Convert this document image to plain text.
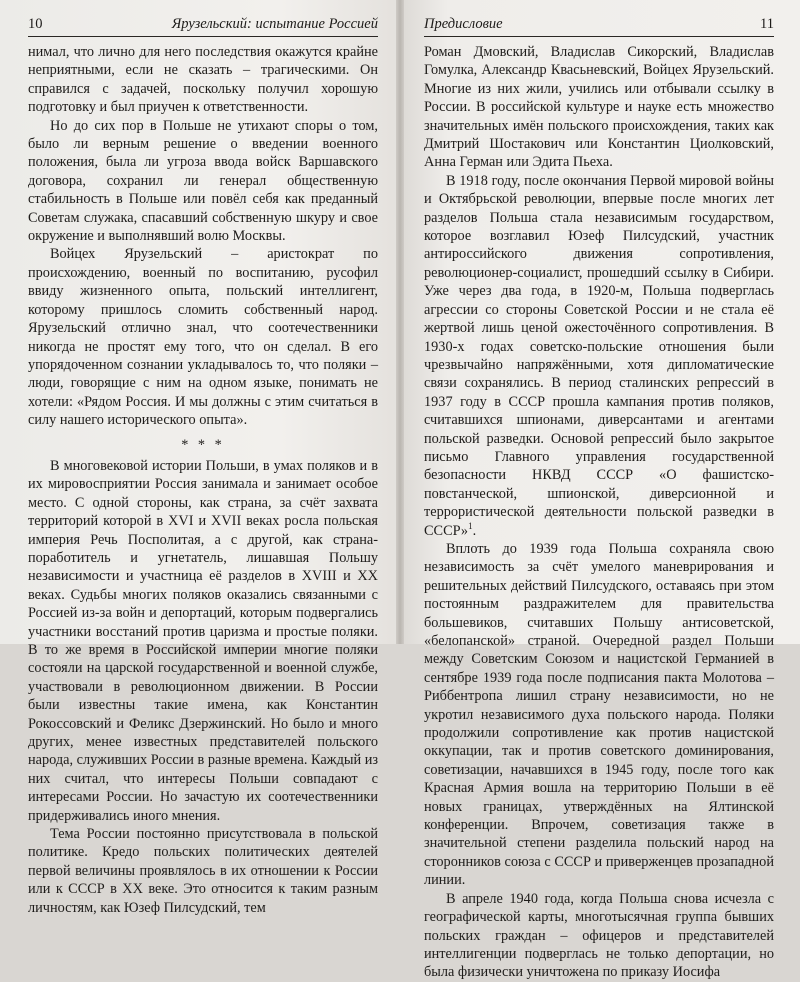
10	Ярузельский: испытание Россией

нимал, что лично для него последствия окажутся крайне неприятными, если не сказать – трагическими. Он справился с задачей, поскольку получил хорошую подготовку и был приучен к ответственности.

Но до сих пор в Польше не утихают споры о том, было ли верным решение о введении военного положения, была ли угроза ввода войск Варшавского договора, сохранил ли генерал общественную стабильность в Польше или повёл себя как преданный Советам служака, спасавший собственную шкуру и свое окружение и выполнявший волю Москвы.

Войцех Ярузельский – аристократ по происхождению, военный по воспитанию, русофил ввиду жизненного опыта, польский интеллигент, которому пришлось сломить собственный народ. Ярузельский отлично знал, что соотечественники никогда не простят ему того, что он сделал. В его упорядоченном сознании укладывалось то, что поляки – люди, говорящие с ним на одном языке, понимать не хотели: «Рядом Россия. И мы должны с этим считаться в силу нашего исторического опыта».

* * *

В многовековой истории Польши, в умах поляков и в их мировосприятии Россия занимала и занимает особое место. С одной стороны, как страна, за счёт захвата территорий которой в XVI и XVII веках росла польская империя Речь Посполитая, а с другой, как страна-поработитель и угнетатель, лишавшая Польшу независимости и участница её разделов в XVIII и XX веках. Судьбы многих поляков оказались связанными с Россией из-за войн и депортаций, которым подвергались участники восстаний против царизма и простые поляки. В то же время в Российской империи многие поляки состояли на царской государственной и военной службе, участвовали в революционном движении. В России были известны такие имена, как Константин Рокоссовский и Феликс Дзержинский. Но было и много других, менее известных представителей польского народа, служивших России в разные времена. Каждый из них считал, что интересы Польши совпадают с интересами России. Но зачастую их соотечественники придерживались иного мнения.

Тема России постоянно присутствовала в польской политике. Кредо польских политических деятелей первой величины проявлялось в их отношении к России или к СССР в XX веке. Это относится к таким разным личностям, как Юзеф Пилсудский, тем

Предисловие	11

Роман Дмовский, Владислав Сикорский, Владислав Гомулка, Александр Квасьневский, Войцех Ярузельский. Многие из них жили, учились или отбывали ссылку в России. В российской культуре и науке есть множество значительных имён польского происхождения, таких как Дмитрий Шостакович или Константин Циолковский, Анна Герман или Эдита Пьеха.

В 1918 году, после окончания Первой мировой войны и Октябрьской революции, впервые после многих лет разделов Польша стала независимым государством, которое возглавил Юзеф Пилсудский, участник антироссийского движения сопротивления, революционер-социалист, прошедший ссылку в Сибири. Уже через два года, в 1920-м, Польша подверглась агрессии со стороны Советской России и не стала её жертвой лишь ценой ожесточённого сопротивления. В 1930-х годах советско-польские отношения были чрезвычайно напряжёнными, хотя дипломатические связи сохранялись. В период сталинских репрессий в 1937 году в СССР прошла кампания против поляков, считавшихся шпионами, диверсантами и агентами польской разведки. Основой репрессий было закрытое письмо Главного управления государственной безопасности НКВД СССР «О фашистско-повстанческой, шпионской, диверсионной и террористической деятельности польской разведки в СССР»$^1$.

Вплоть до 1939 года Польша сохраняла свою независимость за счёт умелого маневрирования и решительных действий Пилсудского, оставаясь при этом постоянным раздражителем для правительства большевиков, считавших Польшу антисоветской, «белопанской» страной. Очередной раздел Польши между Советским Союзом и нацистской Германией в сентябре 1939 года после подписания пакта Молотова – Риббентропа лишил страну независимости, но не укротил независимого духа польского народа. Поляки продолжили сопротивление как против нацистской оккупации, так и против советского доминирования, советизации, начавшихся в 1945 году, после того как Красная Армия вошла на территорию Польши в её новых границах, утверждённых на Ялтинской конференции. Впрочем, советизация также в значительной степени разделила польский народ на сторонников союза с СССР и приверженцев прозападной линии.

В апреле 1940 года, когда Польша снова исчезла с географической карты, многотысячная группа бывших польских граждан – офицеров и представителей интеллигенции подверглась не только депортации, но была физически уничтожена по приказу Иосифа
